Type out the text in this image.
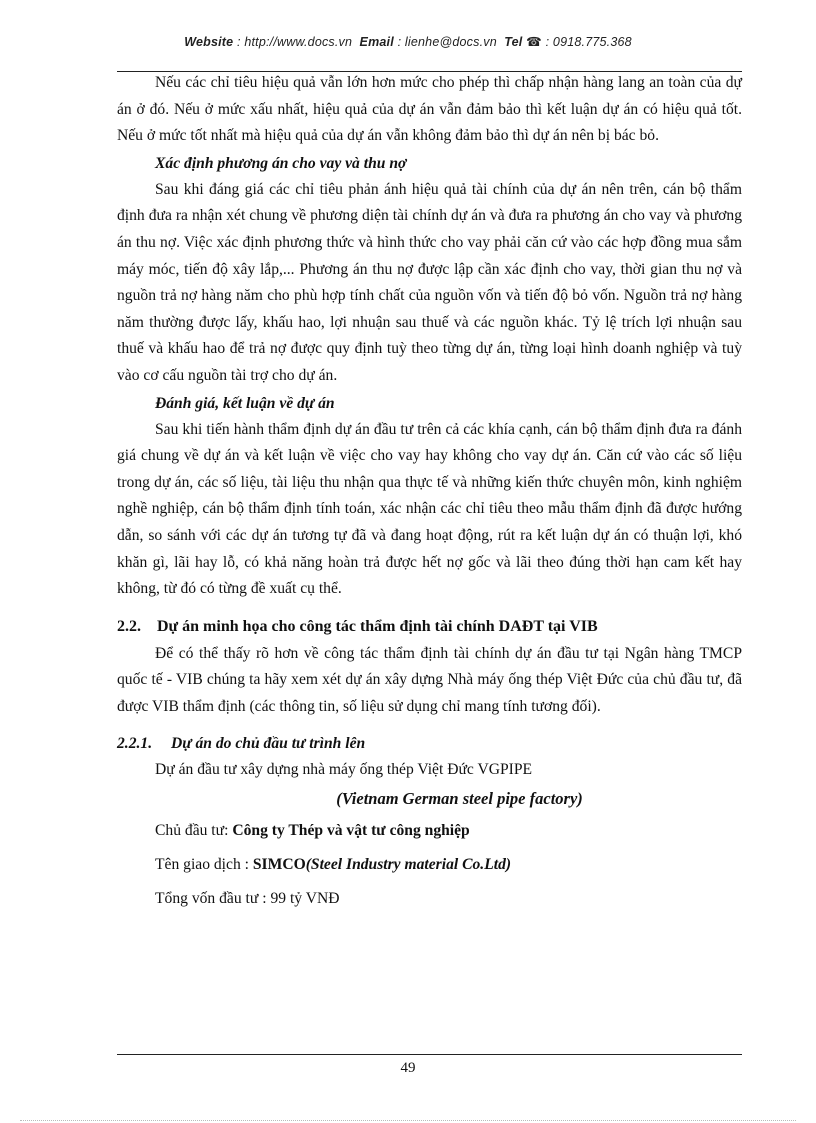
Website : http://www.docs.vn Email : lienhe@docs.vn Tel ☎ : 0918.775.368

Nếu các chỉ tiêu hiệu quả vẫn lớn hơn mức cho phép thì chấp nhận hàng lang an toàn của dự án ở đó. Nếu ở mức xấu nhất, hiệu quả của dự án vẫn đảm bảo thì kết luận dự án có hiệu quả tốt. Nếu ở mức tốt nhất mà hiệu quả của dự án vẫn không đảm bảo thì dự án nên bị bác bỏ.

Xác định phương án cho vay và thu nợ

Sau khi đáng giá các chỉ tiêu phản ánh hiệu quả tài chính của dự án nên trên, cán bộ thẩm định đưa ra nhận xét chung về phương diện tài chính dự án và đưa ra phương án cho vay và phương án thu nợ. Việc xác định phương thức và hình thức cho vay phải căn cứ vào các hợp đồng mua sắm máy móc, tiến độ xây lắp,... Phương án thu nợ được lập cần xác định cho vay, thời gian thu nợ và nguồn trả nợ hàng năm cho phù hợp tính chất của nguồn vốn và tiến độ bỏ vốn. Nguồn trả nợ hàng năm thường được lấy, khấu hao, lợi nhuận sau thuế và các nguồn khác. Tỷ lệ trích lợi nhuận sau thuế và khấu hao để trả nợ được quy định tuỳ theo từng dự án, từng loại hình doanh nghiệp và tuỳ vào cơ cấu nguồn tài trợ cho dự án.

Đánh giá, kết luận về dự án

Sau khi tiến hành thẩm định dự án đầu tư trên cả các khía cạnh, cán bộ thẩm định đưa ra đánh giá chung về dự án và kết luận về việc cho vay hay không cho vay dự án. Căn cứ vào các số liệu trong dự án, các số liệu, tài liệu thu nhận qua thực tế và những kiến thức chuyên môn, kinh nghiệm nghề nghiệp, cán bộ thẩm định tính toán, xác nhận các chỉ tiêu theo mẫu thẩm định đã được hướng dẫn, so sánh với các dự án tương tự đã và đang hoạt động, rút ra kết luận dự án có thuận lợi, khó khăn gì, lãi hay lỗ, có khả năng hoàn trả được hết nợ gốc và lãi theo đúng thời hạn cam kết hay không, từ đó có từng đề xuất cụ thể.

2.2. Dự án minh họa cho công tác thẩm định tài chính DAĐT tại VIB

Để có thể thấy rõ hơn về công tác thẩm định tài chính dự án đầu tư tại Ngân hàng TMCP quốc tế - VIB chúng ta hãy xem xét dự án xây dựng Nhà máy ống thép Việt Đức của chủ đầu tư, đã được VIB thẩm định (các thông tin, số liệu sử dụng chỉ mang tính tương đối).

2.2.1. Dự án do chủ đầu tư trình lên
Dự án đầu tư xây dựng nhà máy ống thép Việt Đức VGPIPE
(Vietnam German steel pipe factory)
Chủ đầu tư: Công ty Thép và vật tư công nghiệp
Tên giao dịch : SIMCO(Steel Industry material Co.Ltd)
Tổng vốn đầu tư : 99 tỷ VNĐ
49
